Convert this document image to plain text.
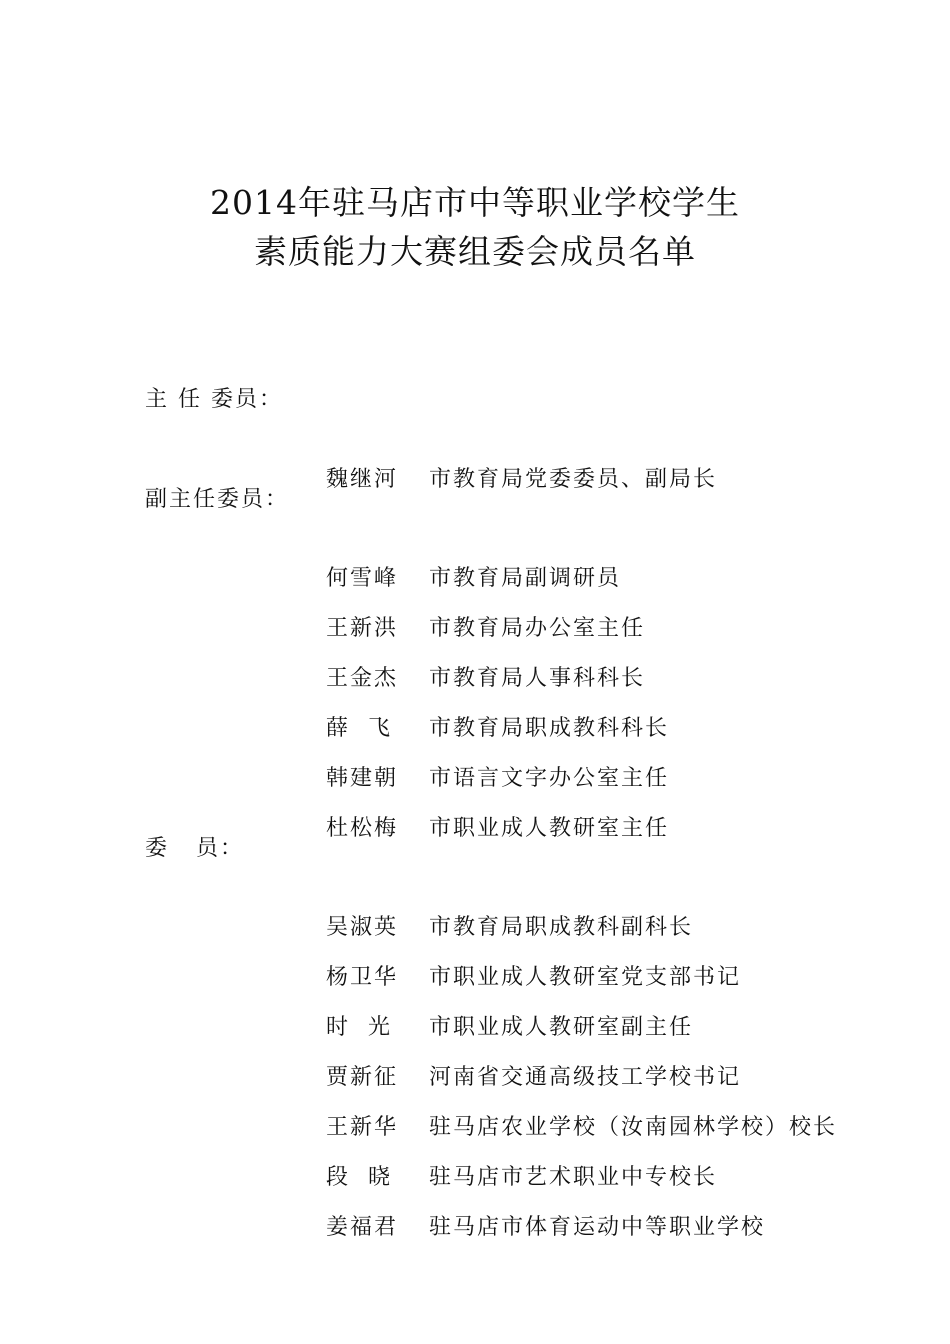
2014年驻马店市中等职业学校学生
素质能力大赛组委会成员名单
主 任 委员：

魏继河 市教育局党委委员、副局长

副主任委员：

何雪峰 市教育局副调研员

王新洪 市教育局办公室主任

王金杰 市教育局人事科科长

薛  飞 市教育局职成教科科长

韩建朝 市语言文字办公室主任

杜松梅 市职业成人教研室主任

委   员：

吴淑英 市教育局职成教科副科长

杨卫华 市职业成人教研室党支部书记

时  光 市职业成人教研室副主任

贾新征 河南省交通高级技工学校书记

王新华 驻马店农业学校（汝南园林学校）校长

段  晓 驻马店市艺术职业中专校长

姜福君 驻马店市体育运动中等职业学校
